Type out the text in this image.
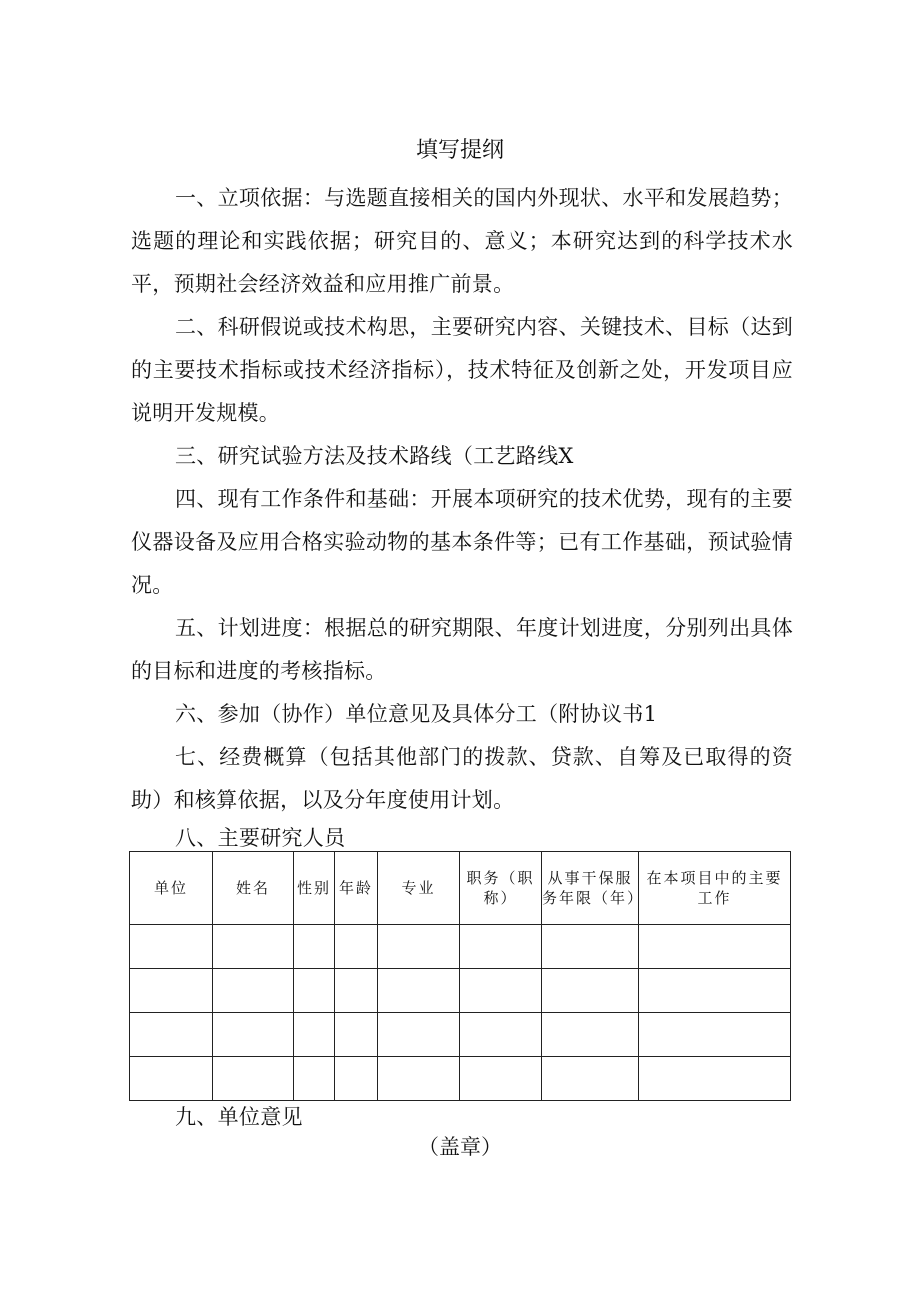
填写提纲
一、立项依据：与选题直接相关的国内外现状、水平和发展趋势；选题的理论和实践依据；研究目的、意义；本研究达到的科学技术水平，预期社会经济效益和应用推广前景。
二、科研假说或技术构思，主要研究内容、关键技术、目标（达到的主要技术指标或技术经济指标），技术特征及创新之处，开发项目应说明开发规模。
三、研究试验方法及技术路线（工艺路线X
四、现有工作条件和基础：开展本项研究的技术优势，现有的主要仪器设备及应用合格实验动物的基本条件等；已有工作基础，预试验情况。
五、计划进度：根据总的研究期限、年度计划进度，分别列出具体的目标和进度的考核指标。
六、参加（协作）单位意见及具体分工（附协议书1
七、经费概算（包括其他部门的拨款、贷款、自筹及已取得的资助）和核算依据，以及分年度使用计划。
八、主要研究人员
单位	姓名	性别	年龄	专业	职务（职称）	从事干保服务年限（年）	在本项目中的主要工作

九、单位意见
（盖章）
